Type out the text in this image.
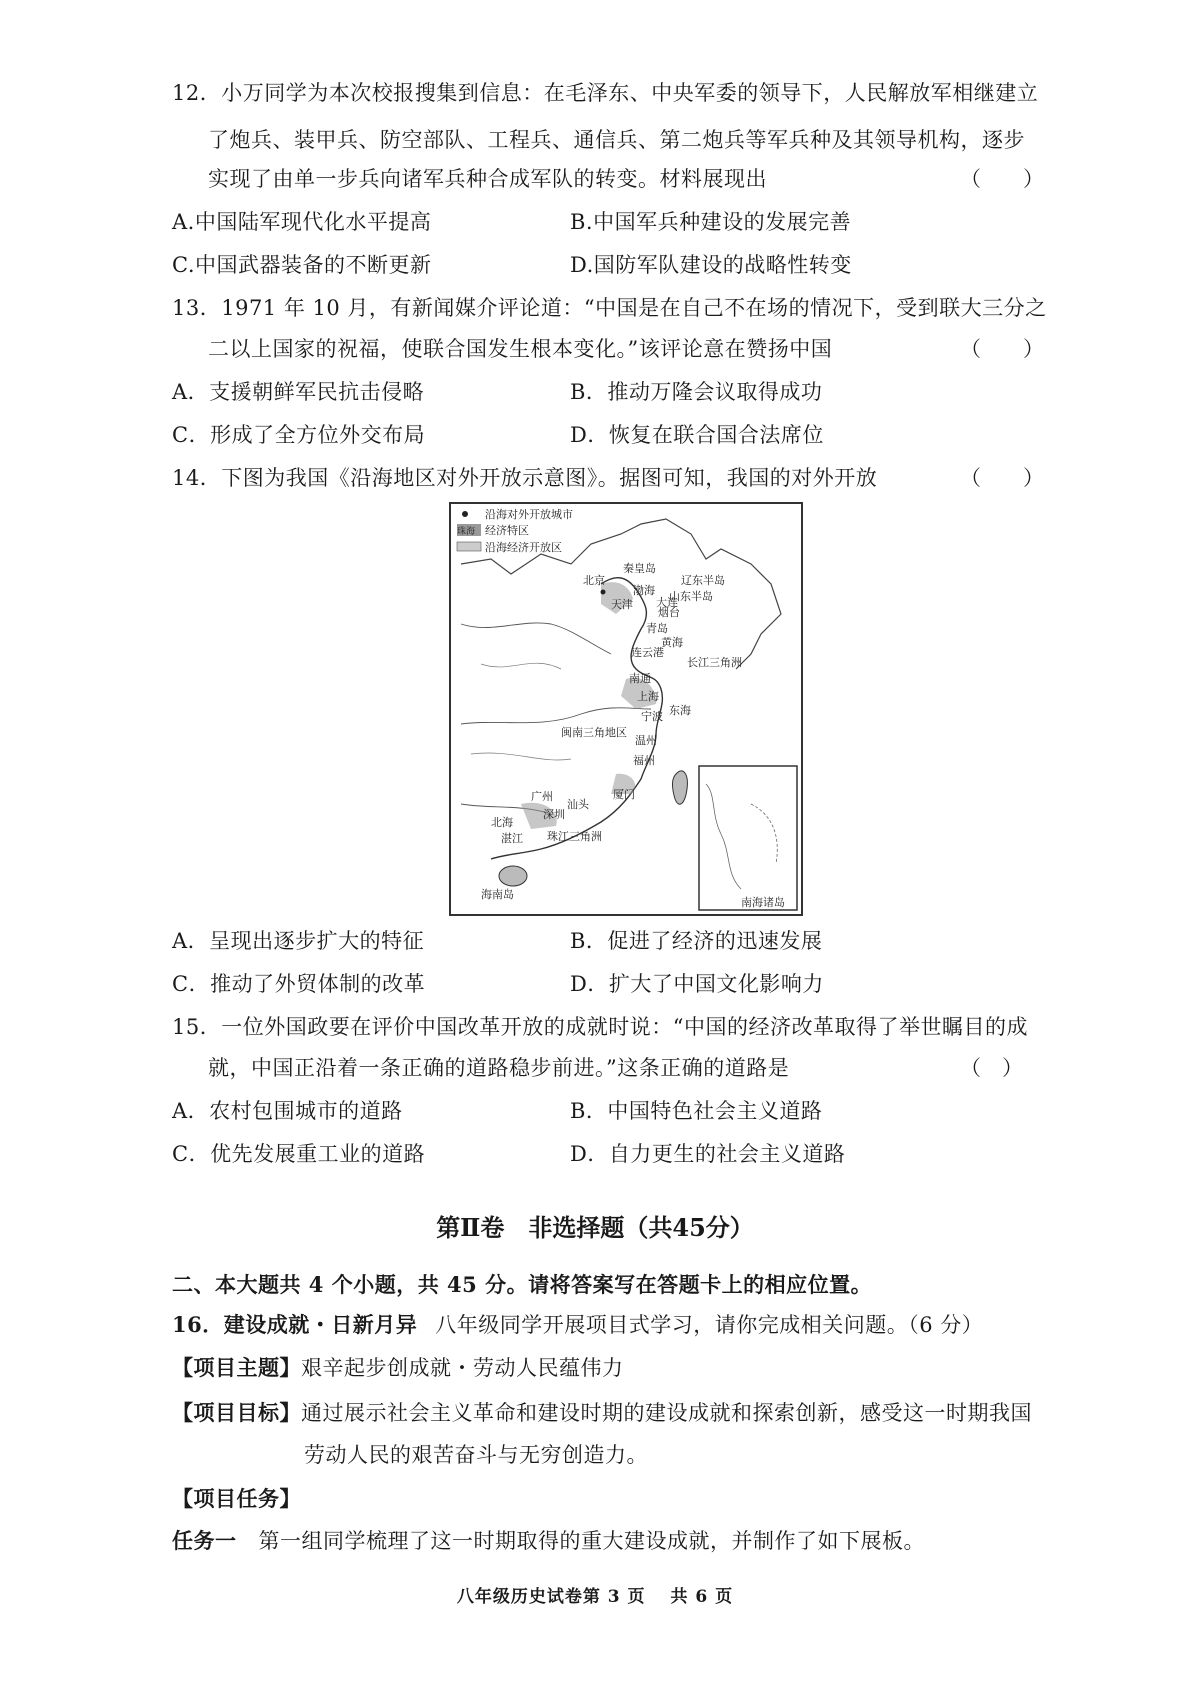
12．小万同学为本次校报搜集到信息：在毛泽东、中央军委的领导下，人民解放军相继建立
了炮兵、装甲兵、防空部队、工程兵、通信兵、第二炮兵等军兵种及其领导机构，逐步
实现了由单一步兵向诸军兵种合成军队的转变。材料展现出	（　　）
A.中国陆军现代化水平提高	B.中国军兵种建设的发展完善
C.中国武器装备的不断更新	D.国防军队建设的战略性转变
13．1971 年 10 月，有新闻媒介评论道：“中国是在自己不在场的情况下，受到联大三分之
二以上国家的祝福，使联合国发生根本变化。”该评论意在赞扬中国	（　　）
A．支援朝鲜军民抗击侵略	B．推动万隆会议取得成功
C．形成了全方位外交布局	D．恢复在联合国合法席位
14．下图为我国《沿海地区对外开放示意图》。据图可知，我国的对外开放	（　　）
沿海对外开放城市
珠海 经济特区
沿海经济开放区
北京
天津
秦皇岛
渤海
大连
烟台
辽东半岛
山东半岛
青岛
黄海
连云港
南通
长江三角洲
上海
东海
宁波
温州
闽南三角地区
福州
厦门
汕头
广州
深圳
北海
湛江 珠江三角洲
海南岛
南海诸岛
A．呈现出逐步扩大的特征	B．促进了经济的迅速发展
C．推动了外贸体制的改革	D．扩大了中国文化影响力
15．一位外国政要在评价中国改革开放的成就时说：“中国的经济改革取得了举世瞩目的成
就，中国正沿着一条正确的道路稳步前进。”这条正确的道路是	（　）
A．农村包围城市的道路	B．中国特色社会主义道路
C．优先发展重工业的道路	D．自力更生的社会主义道路
第Ⅱ卷　非选择题（共45分）
二、本大题共 4 个小题，共 45 分。请将答案写在答题卡上的相应位置。
16．建设成就・日新月异 八年级同学开展项目式学习，请你完成相关问题。（6 分）
【项目主题】艰辛起步创成就・劳动人民蕴伟力
【项目目标】通过展示社会主义革命和建设时期的建设成就和探索创新，感受这一时期我国
劳动人民的艰苦奋斗与无穷创造力。
【项目任务】
任务一 第一组同学梳理了这一时期取得的重大建设成就，并制作了如下展板。
八年级历史试卷第 3 页　 共 6 页
